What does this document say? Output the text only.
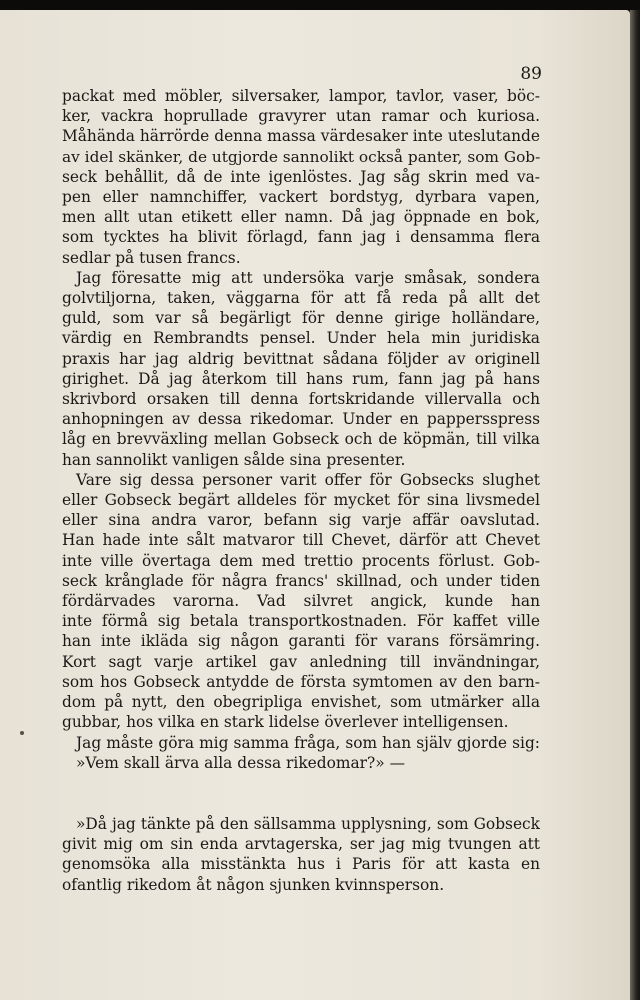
89
packat med möbler, silversaker, lampor, tavlor, vaser, böc-
ker, vackra hoprullade gravyrer utan ramar och kuriosa.
Måhända härrörde denna massa värdesaker inte uteslutande
av idel skänker, de utgjorde sannolikt också panter, som Gob-
seck behållit, då de inte igenlöstes. Jag såg skrin med va-
pen eller namnchiffer, vackert bordstyg, dyrbara vapen,
men allt utan etikett eller namn. Då jag öppnade en bok,
som tycktes ha blivit förlagd, fann jag i densamma flera
sedlar på tusen francs.
Jag föresatte mig att undersöka varje småsak, sondera
golvtiljorna, taken, väggarna för att få reda på allt det
guld, som var så begärligt för denne girige holländare,
värdig en Rembrandts pensel. Under hela min juridiska
praxis har jag aldrig bevittnat sådana följder av originell
girighet. Då jag återkom till hans rum, fann jag på hans
skrivbord orsaken till denna fortskridande villervalla och
anhopningen av dessa rikedomar. Under en pappersspress
låg en brevväxling mellan Gobseck och de köpmän, till vilka
han sannolikt vanligen sålde sina presenter.
Vare sig dessa personer varit offer för Gobsecks slughet
eller Gobseck begärt alldeles för mycket för sina livsmedel
eller sina andra varor, befann sig varje affär oavslutad.
Han hade inte sålt matvaror till Chevet, därför att Chevet
inte ville övertaga dem med trettio procents förlust. Gob-
seck krånglade för några francs' skillnad, och under tiden
fördärvades varorna. Vad silvret angick, kunde han
inte förmå sig betala transportkostnaden. För kaffet ville
han inte ikläda sig någon garanti för varans försämring.
Kort sagt varje artikel gav anledning till invändningar,
som hos Gobseck antydde de första symtomen av den barn-
dom på nytt, den obegripliga envishet, som utmärker alla
gubbar, hos vilka en stark lidelse överlever intelligensen.
Jag måste göra mig samma fråga, som han själv gjorde sig:
»Vem skall ärva alla dessa rikedomar?» —
»Då jag tänkte på den sällsamma upplysning, som Gobseck
givit mig om sin enda arvtagerska, ser jag mig tvungen att
genomsöka alla misstänkta hus i Paris för att kasta en
ofantlig rikedom åt någon sjunken kvinnsperson.
